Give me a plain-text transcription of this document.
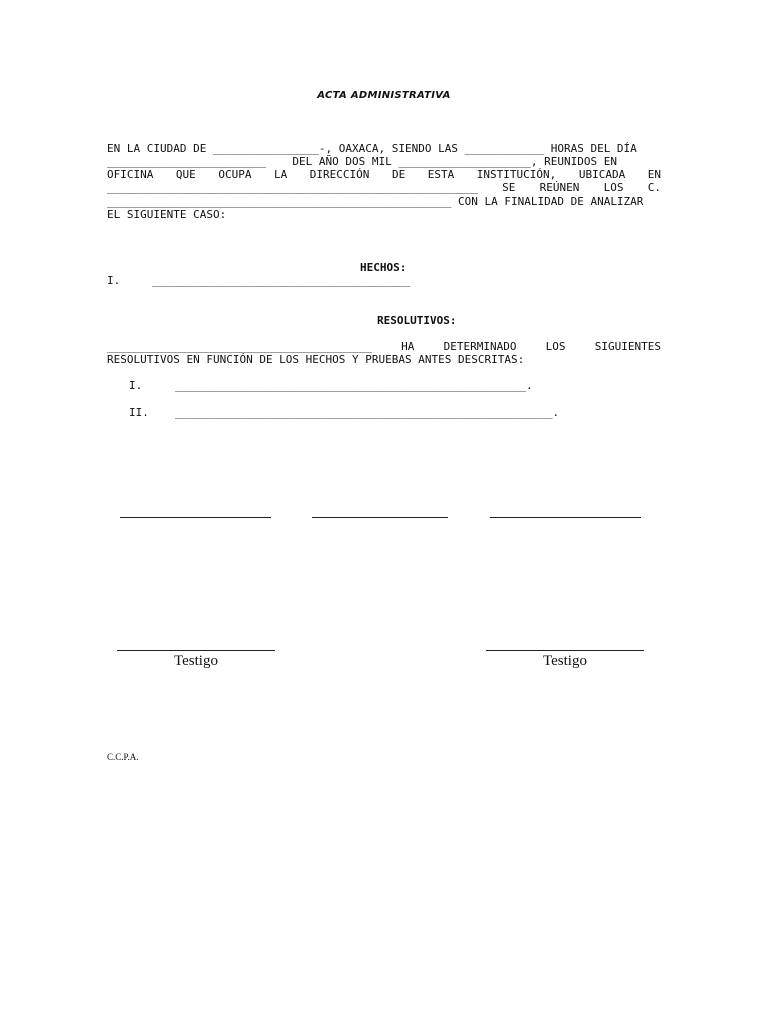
ACTA ADMINISTRATIVA
EN LA CIUDAD DE ________________-, OAXACA, SIENDO LAS ____________ HORAS DEL DÍA
________________________    DEL AÑO DOS MIL ____________________, REUNIDOS EN
OFICINA QUE OCUPA LA DIRECCIÓN DE ESTA INSTITUCIÓN, UBICADA EN
________________________________________________________ SE REÚNEN LOS C.
____________________________________________________ CON LA FINALIDAD DE ANALIZAR
EL SIGUIENTE CASO:
HECHOS:
I.	_______________________________________
RESOLUTIVOS:
________________________________________ HA DETERMINADO LOS SIGUIENTES
RESOLUTIVOS EN FUNCIÓN DE LOS HECHOS Y PRUEBAS ANTES DESCRITAS:
I.	_____________________________________________________.
II. _________________________________________________________.
Testigo	Testigo
C.C.P.A.
